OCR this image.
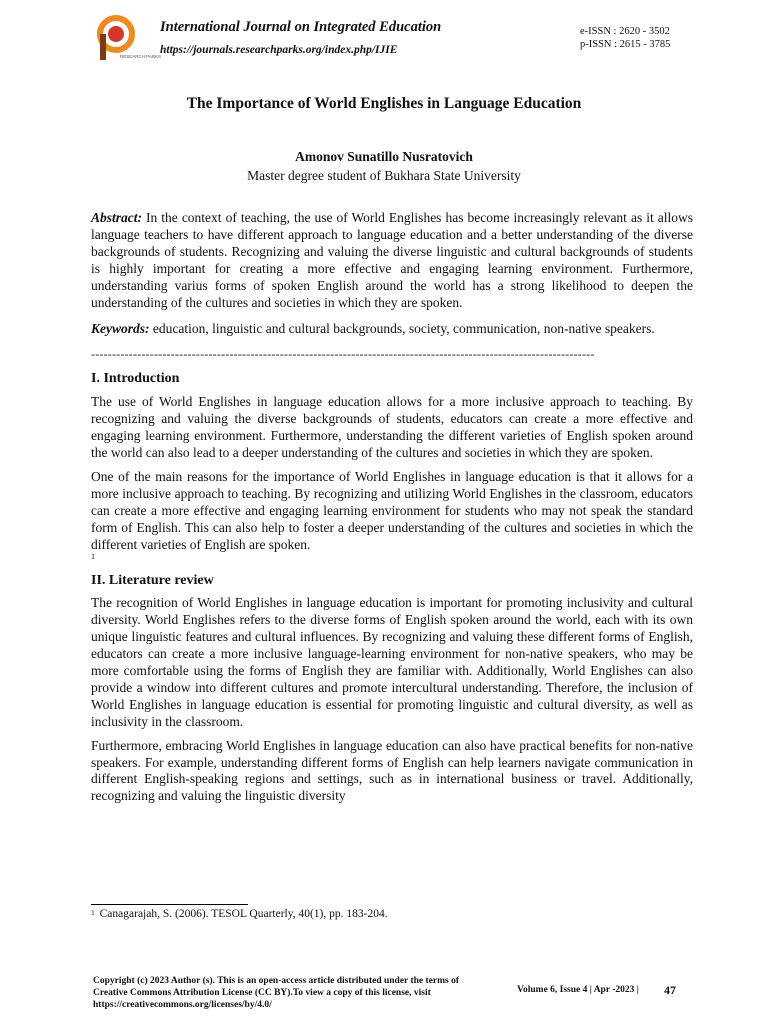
RESEARCH PARKS
International Journal on Integrated Education
https://journals.researchparks.org/index.php/IJIE
e-ISSN : 2620 - 3502
p-ISSN : 2615 - 3785
The Importance of World Englishes in Language Education
Amonov Sunatillo Nusratovich
Master degree student of Bukhara State University

Abstract: In the context of teaching, the use of World Englishes has become increasingly relevant as it allows language teachers to have different approach to language education and a better understanding of the diverse backgrounds of students. Recognizing and valuing the diverse linguistic and cultural backgrounds of students is highly important for creating a more effective and engaging learning environment. Furthermore, understanding varius forms of spoken English around the world has a strong likelihood to deepen the understanding of the cultures and societies in which they are spoken.

Keywords: education, linguistic and cultural backgrounds, society, communication, non-native speakers.

------------------------------------------------------------------------------------------------------------------------
I. Introduction

The use of World Englishes in language education allows for a more inclusive approach to teaching. By recognizing and valuing the diverse backgrounds of students, educators can create a more effective and engaging learning environment. Furthermore, understanding the different varieties of English spoken around the world can also lead to a deeper understanding of the cultures and societies in which they are spoken.

One of the main reasons for the importance of World Englishes in language education is that it allows for a more inclusive approach to teaching. By recognizing and utilizing World Englishes in the classroom, educators can create a more effective and engaging learning environment for students who may not speak the standard form of English. This can also help to foster a deeper understanding of the cultures and societies in which the different varieties of English are spoken.

1
II. Literature review

The recognition of World Englishes in language education is important for promoting inclusivity and cultural diversity. World Englishes refers to the diverse forms of English spoken around the world, each with its own unique linguistic features and cultural influences. By recognizing and valuing these different forms of English, educators can create a more inclusive language-learning environment for non-native speakers, who may be more comfortable using the forms of English they are familiar with. Additionally, World Englishes can also provide a window into different cultures and promote intercultural understanding. Therefore, the inclusion of World Englishes in language education is essential for promoting linguistic and cultural diversity, as well as inclusivity in the classroom.

Furthermore, embracing World Englishes in language education can also have practical benefits for non-native speakers. For example, understanding different forms of English can help learners navigate communication in different English-speaking regions and settings, such as in international business or travel. Additionally, recognizing and valuing the linguistic diversity

$^1$ Canagarajah, S. (2006). TESOL Quarterly, 40(1), pp. 183-204.
Copyright (c) 2023 Author (s). This is an open-access article distributed under the terms of Creative Commons Attribution License (CC BY).To view a copy of this license, visit https://creativecommons.org/licenses/by/4.0/
Volume 6, Issue 4 | Apr -2023 | 47
